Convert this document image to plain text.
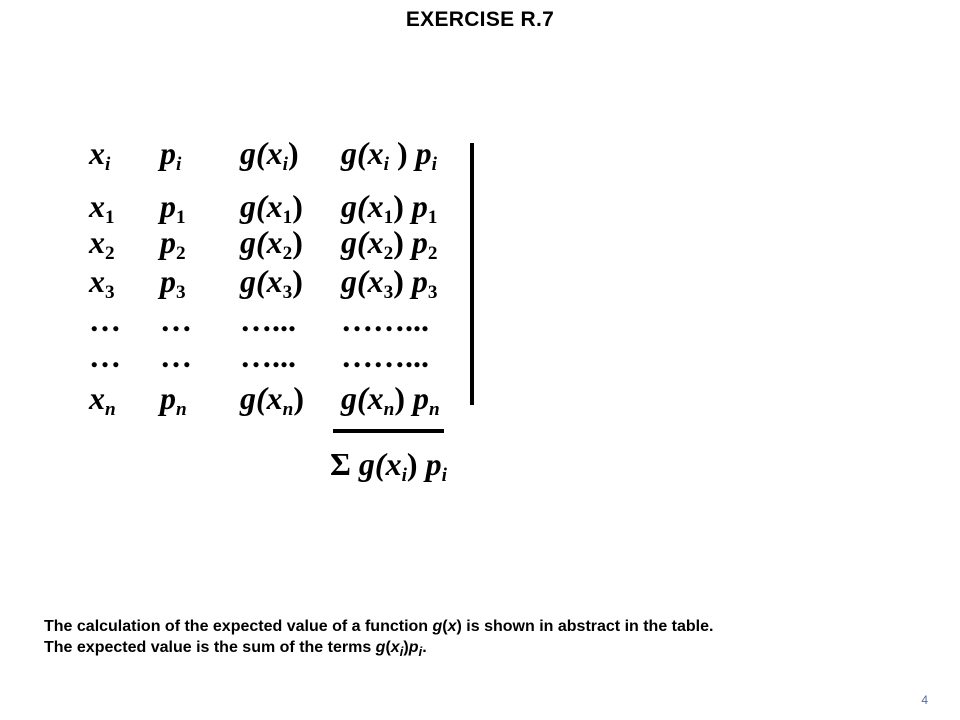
EXERCISE R.7
$x_i$ $p_i$ $g(x_i)$ $g(x_i$ ) $p_i$
$x_1$ $p_1$ $g(x_1)$ $g(x_1)$ $p_1$
$x_2$ $p_2$ $g(x_2)$ $g(x_2)$ $p_2$
$x_3$ $p_3$ $g(x_3)$ $g(x_3)$ $p_3$
… … …... ……...
… … …... ……...
$x_n$ $p_n$ $g(x_n)$ $g(x_n)$ $p_n$
Σ $g(x_i)$ $p_i$

The calculation of the expected value of a function g(x) is shown in abstract in the table.

The expected value is the sum of the terms $g(x_i)p_i$.

4
